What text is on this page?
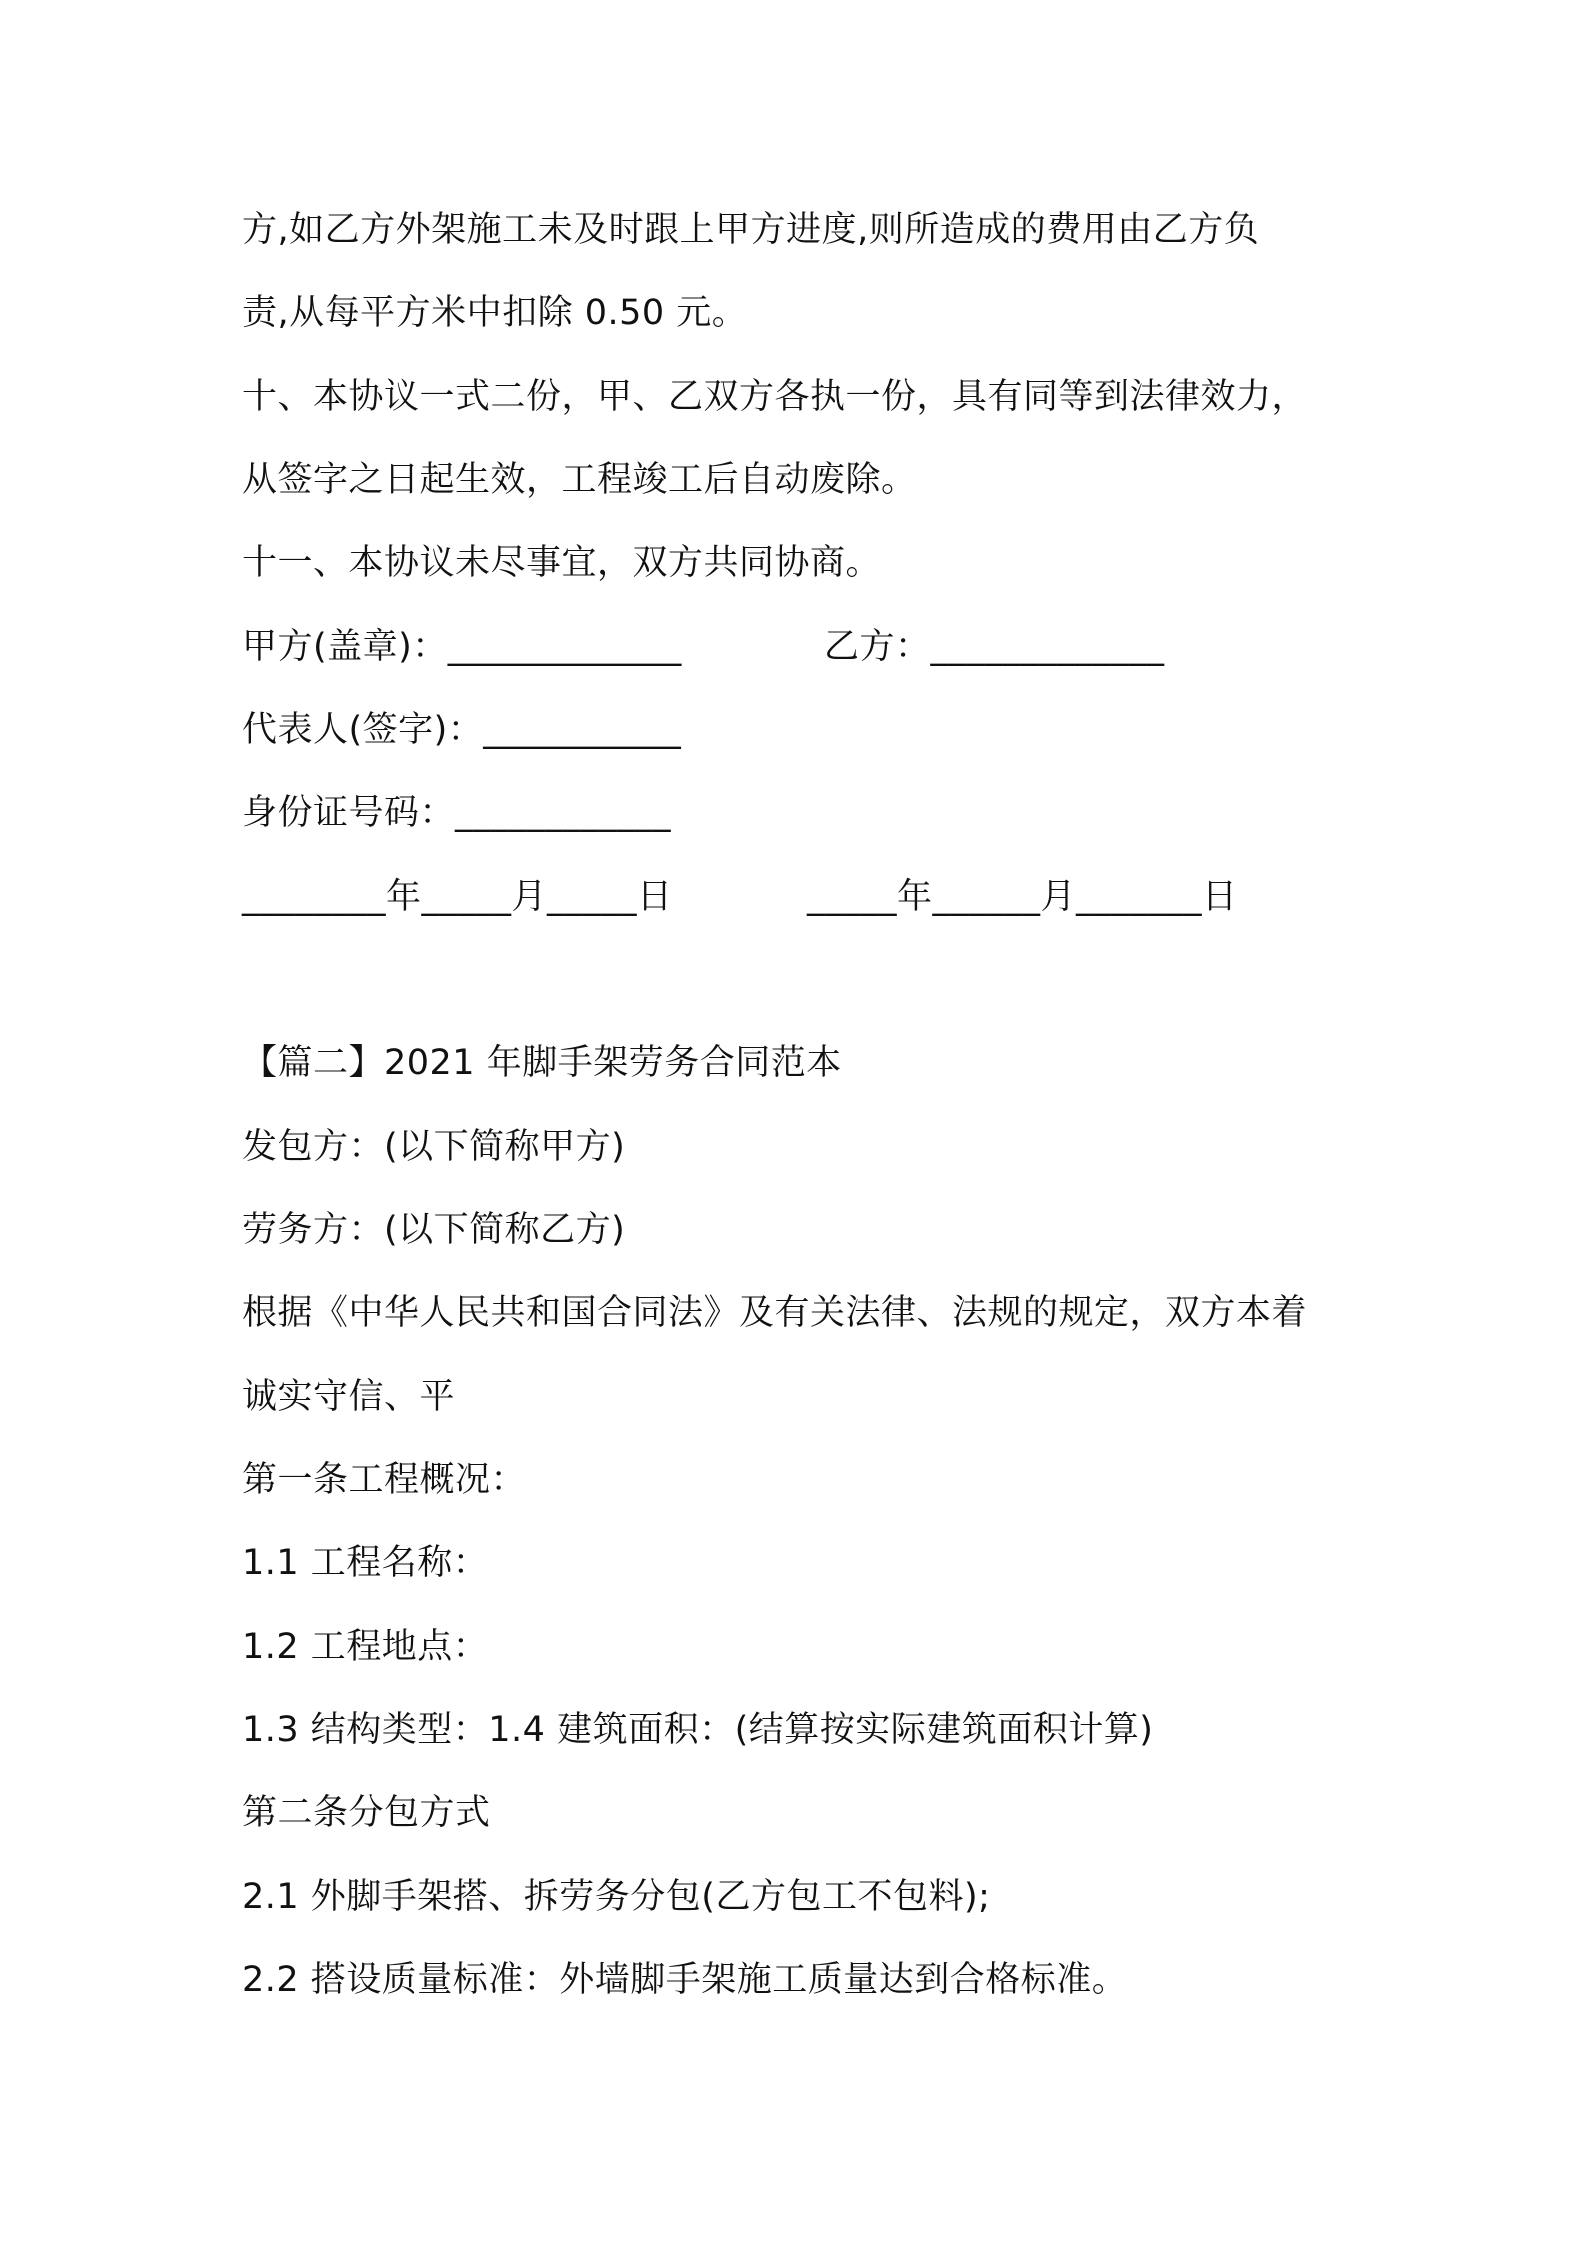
方,如乙方外架施工未及时跟上甲方进度,则所造成的费用由乙方负
责,从每平方米中扣除 0.50 元。
十、本协议一式二份，甲、乙双方各执一份，具有同等到法律效力，
从签字之日起生效，工程竣工后自动废除。
十一、本协议未尽事宜，双方共同协商。
甲方(盖章)：_____________	乙方：_____________
代表人(签字)：___________
身份证号码：____________
________年_____月_____日	_____年______月_______日
【篇二】2021 年脚手架劳务合同范本
发包方：(以下简称甲方)
劳务方：(以下简称乙方)
根据《中华人民共和国合同法》及有关法律、法规的规定，双方本着
诚实守信、平
第一条工程概况：
1.1 工程名称：
1.2 工程地点：
1.3 结构类型：1.4 建筑面积：(结算按实际建筑面积计算)
第二条分包方式
2.1 外脚手架搭、拆劳务分包(乙方包工不包料);
2.2 搭设质量标准：外墙脚手架施工质量达到合格标准。
